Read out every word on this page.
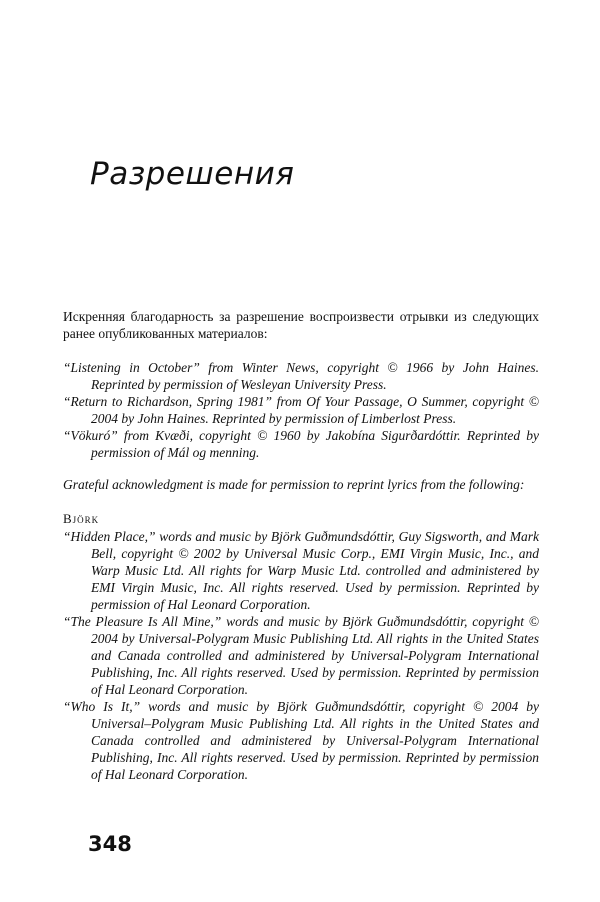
Разрешения

Искренняя благодарность за разрешение воспроизвести отрывки из следующих ранее опубликованных материалов:

“Listening in October” from Winter News, copyright © 1966 by John Haines. Reprinted by permission of Wesleyan University Press.

“Return to Richardson, Spring 1981” from Of Your Passage, O Summer, copyright © 2004 by John Haines. Reprinted by permission of Limberlost Press.

“Vökuró” from Kvæði, copyright © 1960 by Jakobína Sigurðardóttir. Reprinted by permission of Mál og menning.

Grateful acknowledgment is made for permission to reprint lyrics from the following:

Björk

“Hidden Place,” words and music by Björk Guðmundsdóttir, Guy Sigsworth, and Mark Bell, copyright © 2002 by Universal Music Corp., EMI Virgin Music, Inc., and Warp Music Ltd. All rights for Warp Music Ltd. controlled and administered by EMI Virgin Music, Inc. All rights reserved. Used by permission. Reprinted by permission of Hal Leonard Corporation.

“The Pleasure Is All Mine,” words and music by Björk Guðmundsdóttir, copyright © 2004 by Universal-Polygram Music Publishing Ltd. All rights in the United States and Canada controlled and administered by Universal-Polygram International Publishing, Inc. All rights reserved. Used by permission. Reprinted by permission of Hal Leonard Corporation.

“Who Is It,” words and music by Björk Guðmundsdóttir, copyright © 2004 by Universal–Polygram Music Publishing Ltd. All rights in the United States and Canada controlled and administered by Universal-Polygram International Publishing, Inc. All rights reserved. Used by permission. Reprinted by permission of Hal Leonard Corporation.

348
